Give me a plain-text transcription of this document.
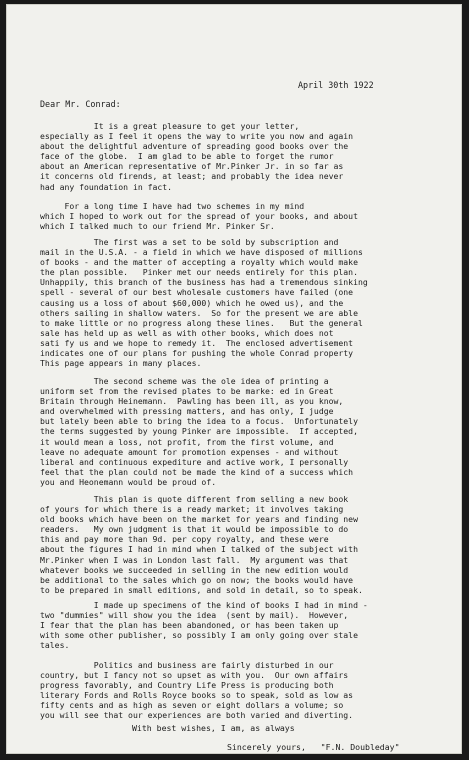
April 30th 1922
Dear Mr. Conrad:
It is a great pleasure to get your letter,
especially as I feel it opens the way to write you now and again
about the delightful adventure of spreading good books over the
face of the globe.  I am glad to be able to forget the rumor
about an American representative of Mr.Pinker Jr. in so far as
it concerns old firends, at least; and probably the idea never
had any foundation in fact.
For a long time I have had two schemes in my mind
which I hoped to work out for the spread of your books, and about
which I talked much to our friend Mr. Pinker Sr.
The first was a set to be sold by subscription and
mail in the U.S.A. - a field in which we have disposed of millions
of books - and the matter of accepting a royalty which would make
the plan possible.   Pinker met our needs entirely for this plan.
Unhappily, this branch of the business has had a tremendous sinking
spell - several of our best wholesale customers have failed (one
causing us a loss of about $60,000) which he owed us), and the
others sailing in shallow waters.  So for the present we are able
to make little or no progress along these lines.   But the general
sale has held up as well as with other books, which does not
sati fy us and we hope to remedy it.  The enclosed advertisement
indicates one of our plans for pushing the whole Conrad property
This page appears in many places.
The second scheme was the ole idea of printing a
uniform set from the revised plates to be marke: ed in Great
Britain through Heinemann.  Pawling has been ill, as you know,
and overwhelmed with pressing matters, and has only, I judge
but lately been able to bring the idea to a focus.  Unfortunately
the terms suggested by young Pinker are impossible.  If accepted,
it would mean a loss, not profit, from the first volume, and
leave no adequate amount for promotion expenses - and without
liberal and continuous expediture and active work, I personally
feel that the plan could not be made the kind of a success which
you and Heonemann would be proud of.
This plan is quote different from selling a new book
of yours for which there is a ready market; it involves taking
old books which have been on the market for years and finding new
readers.   My own judgment is that it would be impossible to do
this and pay more than 9d. per copy royalty, and these were
about the figures I had in mind when I talked of the subject with
Mr.Pinker when I was in London last fall.  My argument was that
whatever books we succeeded in selling in the new edition would
be additional to the sales which go on now; the books would have
to be prepared in small editions, and sold in detail, so to speak.
I made up specimens of the kind of books I had in mind -
two "dummies" will show you the idea  (sent by mail).  However,
I fear that the plan has been abandoned, or has been taken up
with some other publisher, so possibly I am only going over stale
tales.
Politics and business are fairly disturbed in our
country, but I fancy not so upset as with you.  Our own affairs
progress favorably, and Country Life Press is producing both
literary Fords and Rolls Royce books so to speak, sold as low as
fifty cents and as high as seven or eight dollars a volume; so
you will see that our experiences are both varied and diverting.
With best wishes, I am, as always
Sincerely yours,   "F.N. Doubleday"
